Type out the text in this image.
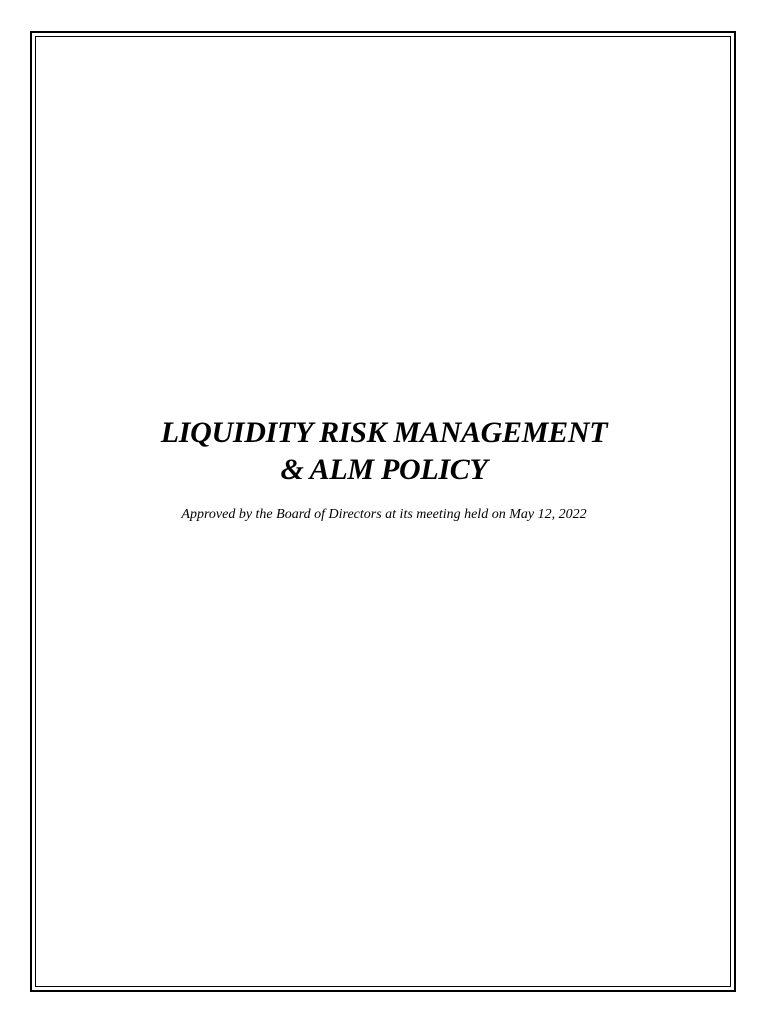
LIQUIDITY RISK MANAGEMENT
& ALM POLICY
Approved by the Board of Directors at its meeting held on May 12, 2022
